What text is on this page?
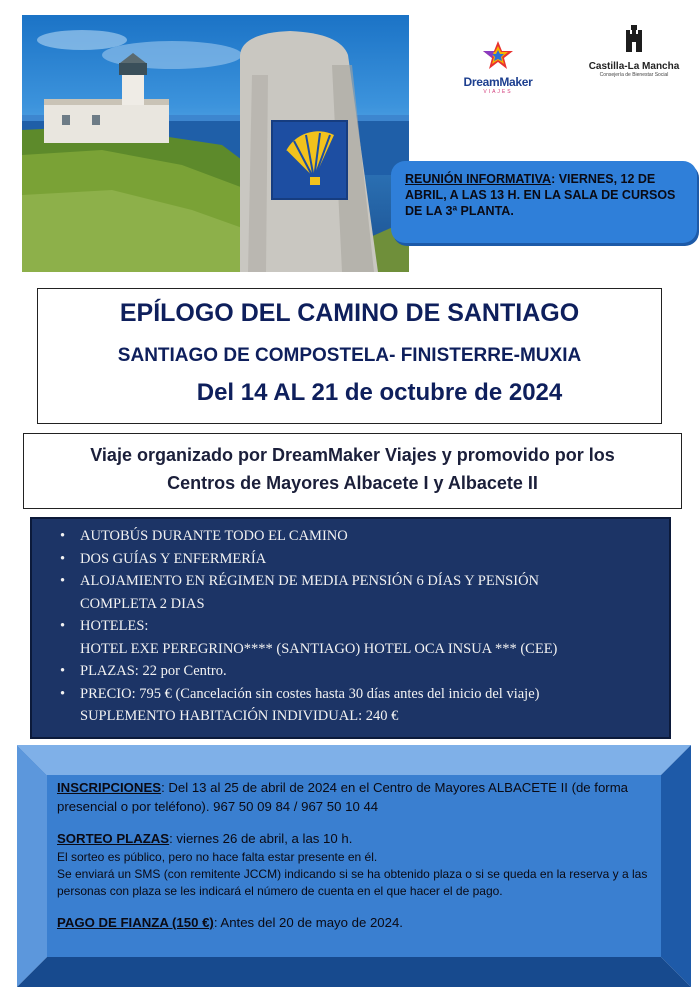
DreamMaker
VIAJES
Castilla-La Mancha
Consejería de Bienestar Social
REUNIÓN INFORMATIVA: VIERNES, 12 DE ABRIL, A LAS 13 H. EN LA SALA DE CURSOS DE LA 3ª PLANTA.
EPÍLOGO DEL CAMINO DE SANTIAGO
SANTIAGO DE COMPOSTELA- FINISTERRE-MUXIA
Del 14 AL 21 de octubre de 2024
Viaje organizado por DreamMaker Viajes y promovido por los
Centros de Mayores Albacete I y Albacete II
• AUTOBÚS DURANTE TODO EL CAMINO
• DOS GUÍAS Y ENFERMERÍA
• ALOJAMIENTO EN RÉGIMEN DE MEDIA PENSIÓN 6 DÍAS Y PENSIÓN
COMPLETA 2 DIAS
• HOTELES:
HOTEL EXE PEREGRINO**** (SANTIAGO) HOTEL OCA INSUA *** (CEE)
• PLAZAS: 22 por Centro.
• PRECIO: 795 € (Cancelación sin costes hasta 30 días antes del inicio del viaje)
SUPLEMENTO HABITACIÓN INDIVIDUAL: 240 €
INSCRIPCIONES: Del 13 al 25 de abril de 2024 en el Centro de Mayores ALBACETE II (de forma presencial o por teléfono). 967 50 09 84 / 967 50 10 44
SORTEO PLAZAS: viernes 26 de abril, a las 10 h.
El sorteo es público, pero no hace falta estar presente en él.
Se enviará un SMS (con remitente JCCM) indicando si se ha obtenido plaza o si se queda en la reserva y a las personas con plaza se les indicará el número de cuenta en el que hacer el de pago.
PAGO DE FIANZA (150 €): Antes del 20 de mayo de 2024.
